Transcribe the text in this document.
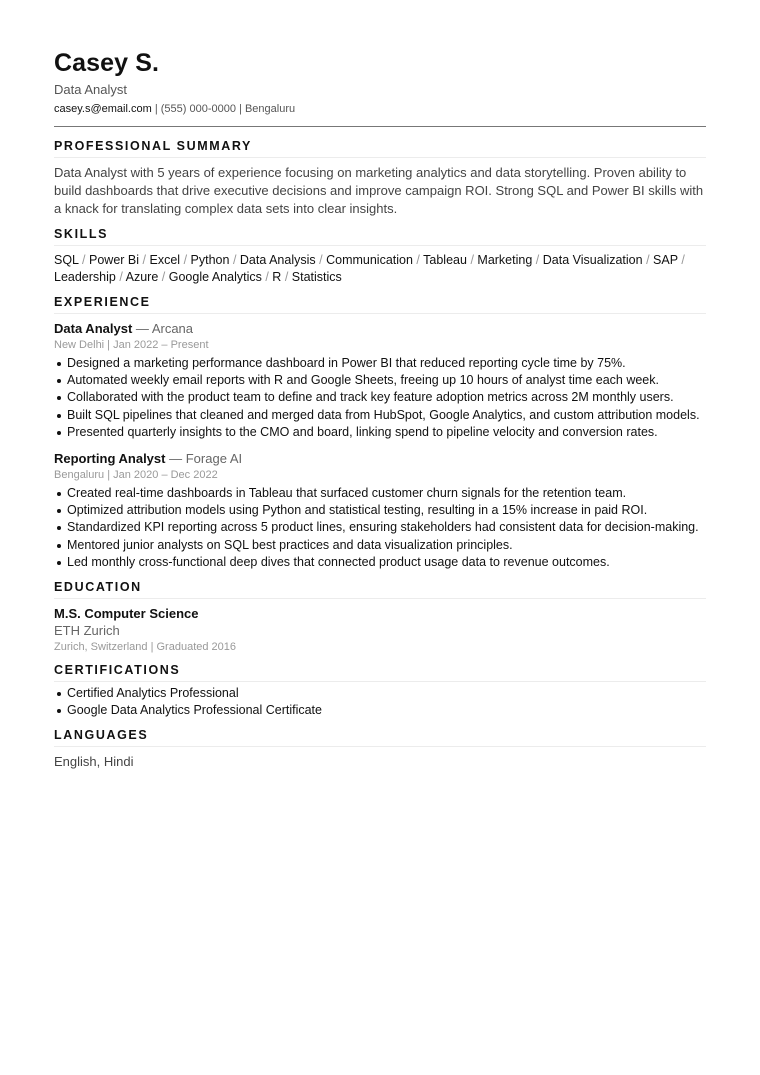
Casey S.
Data Analyst
casey.s@email.com | (555) 000-0000 | Bengaluru
PROFESSIONAL SUMMARY

Data Analyst with 5 years of experience focusing on marketing analytics and data storytelling. Proven ability to build dashboards that drive executive decisions and improve campaign ROI. Strong SQL and Power BI skills with a knack for translating complex data sets into clear insights.

SKILLS
SQL / Power Bi / Excel / Python / Data Analysis / Communication / Tableau / Marketing / Data Visualization / SAP / Leadership / Azure / Google Analytics / R / Statistics
EXPERIENCE
Data Analyst — Arcana
New Delhi | Jan 2022 – Present
Designed a marketing performance dashboard in Power BI that reduced reporting cycle time by 75%.
Automated weekly email reports with R and Google Sheets, freeing up 10 hours of analyst time each week.
Collaborated with the product team to define and track key feature adoption metrics across 2M monthly users.
Built SQL pipelines that cleaned and merged data from HubSpot, Google Analytics, and custom attribution models.
Presented quarterly insights to the CMO and board, linking spend to pipeline velocity and conversion rates.
Reporting Analyst — Forage AI
Bengaluru | Jan 2020 – Dec 2022
Created real-time dashboards in Tableau that surfaced customer churn signals for the retention team.
Optimized attribution models using Python and statistical testing, resulting in a 15% increase in paid ROI.
Standardized KPI reporting across 5 product lines, ensuring stakeholders had consistent data for decision-making.
Mentored junior analysts on SQL best practices and data visualization principles.
Led monthly cross-functional deep dives that connected product usage data to revenue outcomes.
EDUCATION
M.S. Computer Science
ETH Zurich
Zurich, Switzerland | Graduated 2016
CERTIFICATIONS
Certified Analytics Professional
Google Data Analytics Professional Certificate
LANGUAGES
English, Hindi
